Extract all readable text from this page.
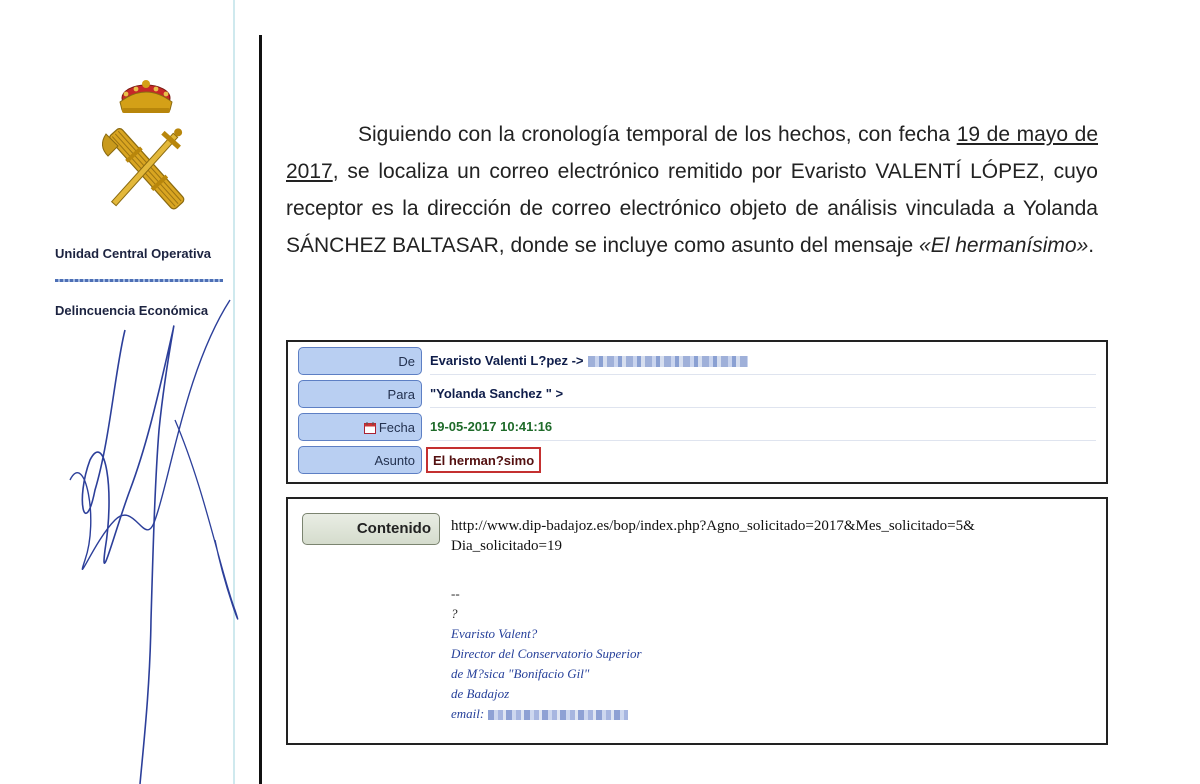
Unidad Central Operativa
Delincuencia Económica
Siguiendo con la cronología temporal de los hechos, con fecha 19 de mayo de 2017, se localiza un correo electrónico remitido por Evaristo VALENTÍ LÓPEZ, cuyo receptor es la dirección de correo electrónico objeto de análisis vinculada a Yolanda SÁNCHEZ BALTASAR, donde se incluye como asunto del mensaje «El hermanísimo».
De	Evaristo Valenti L?pez ->
Para	"Yolanda Sanchez " >
Fecha	19-05-2017 10:41:16
Asunto	El herman?simo
Contenido	http://www.dip-badajoz.es/bop/index.php?Agno_solicitado=2017&Mes_solicitado=5&
Dia_solicitado=19
--
?
Evaristo Valent?
Director del Conservatorio Superior
de M?sica "Bonifacio Gil"
de Badajoz
email:
